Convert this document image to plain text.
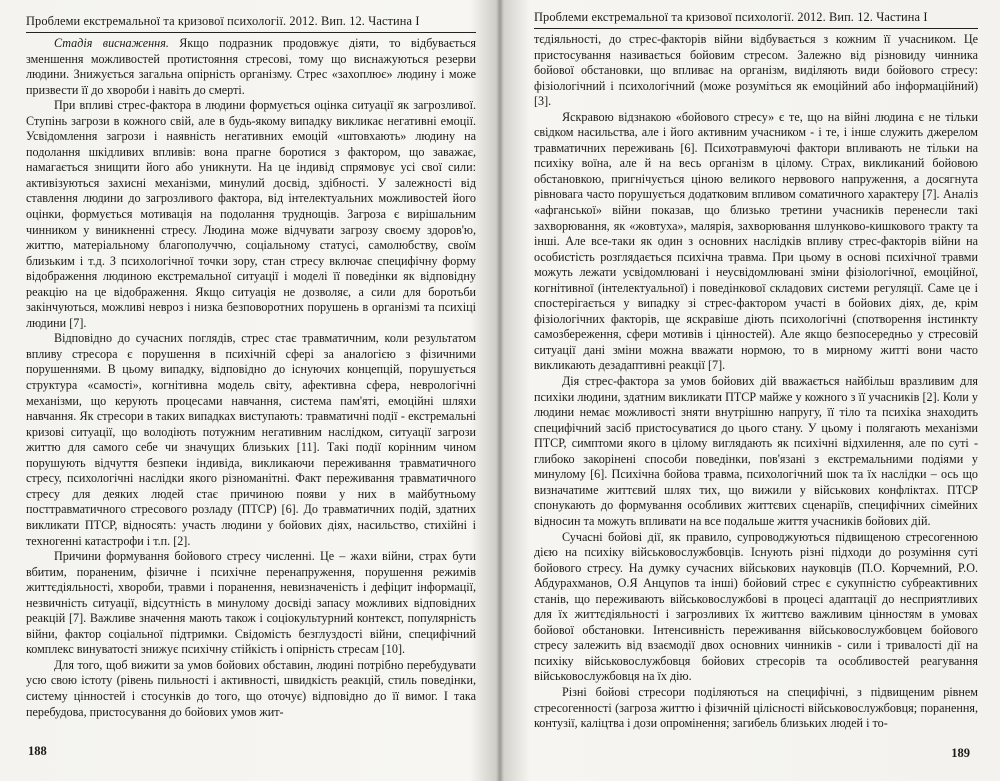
Проблеми екстремальної та кризової психології. 2012. Вип. 12. Частина І

Стадія виснаження. Якщо подразник продовжує діяти, то відбувається зменшення можливостей протистояння стресові, тому що виснажуються резерви людини. Знижується загальна опірність організму. Стрес «захоплює» людину і може призвести її до хвороби і навіть до смерті.

При впливі стрес-фактора в людини формується оцінка ситуації як загрозливої. Ступінь загрози в кожного свій, але в будь-якому випадку викликає негативні емоції. Усвідомлення загрози і наявність негативних емоцій «штовхають» людину на подолання шкідливих впливів: вона прагне боротися з фактором, що заважає, намагається знищити його або уникнути. На це індивід спрямовує усі свої сили: активізуються захисні механізми, минулий досвід, здібності. У залежності від ставлення людини до загрозливого фактора, від інтелектуальних можливостей його оцінки, формується мотивація на подолання труднощів. Загроза є вирішальним чинником у виникненні стресу. Людина може відчувати загрозу своєму здоров'ю, життю, матеріальному благополуччю, соціальному статусі, самолюбству, своїм близьким і т.д. З психологічної точки зору, стан стресу включає специфічну форму відображення людиною екстремальної ситуації і моделі її поведінки як відповідну реакцію на це відображення. Якщо ситуація не дозволяє, а сили для боротьби закінчуються, можливі невроз і низка безповоротних порушень в організмі та психіці людини [7].

Відповідно до сучасних поглядів, стрес стає травматичним, коли результатом впливу стресора є порушення в психічній сфері за аналогією з фізичними порушеннями. В цьому випадку, відповідно до існуючих концепцій, порушується структура «самості», когнітивна модель світу, афективна сфера, неврологічні механізми, що керують процесами навчання, система пам'яті, емоційні шляхи навчання. Як стресори в таких випадках виступають: травматичні події - екстремальні кризові ситуації, що володіють потужним негативним наслідком, ситуації загрози життю для самого себе чи значущих близьких [11]. Такі події корінним чином порушують відчуття безпеки індивіда, викликаючи переживання травматичного стресу, психологічні наслідки якого різноманітні. Факт переживання травматичного стресу для деяких людей стає причиною появи у них в майбутньому посттравматичного стресового розладу (ПТСР) [6]. До травматичних подій, здатних викликати ПТСР, відносять: участь людини у бойових діях, насильство, стихійні і техногенні катастрофи і т.п. [2].

Причини формування бойового стресу численні. Це – жахи війни, страх бути вбитим, пораненим, фізичне і психічне перенапруження, порушення режимів життєдіяльності, хвороби, травми і поранення, невизначеність і дефіцит інформації, незвичність ситуації, відсутність в минулому досвіді запасу можливих відповідних реакцій [7]. Важливе значення мають також і соціокультурний контекст, популярність війни, фактор соціальної підтримки. Свідомість безглуздості війни, специфічний комплекс винуватості знижує психічну стійкість і опірність стресам [10].

Для того, щоб вижити за умов бойових обставин, людині потрібно перебудувати усю свою істоту (рівень пильності і активності, швидкість реакцій, стиль поведінки, систему цінностей і стосунків до того, що оточує) відповідно до її вимог. І така перебудова, пристосування до бойових умов жит-

188
Проблеми екстремальної та кризової психології. 2012. Вип. 12. Частина І

тєдіяльності, до стрес-факторів війни відбувається з кожним її учасником. Це пристосування називається бойовим стресом. Залежно від різновиду чинника бойової обстановки, що впливає на організм, виділяють види бойового стресу: фізіологічний і психологічний (може розуміться як емоційний або інформаційний) [3].

Яскравою відзнакою «бойового стресу» є те, що на війні людина є не тільки свідком насильства, але і його активним учасником - і те, і інше служить джерелом травматичних переживань [6]. Психотравмуючі фактори впливають не тільки на психіку воїна, але й на весь організм в цілому. Страх, викликаний бойовою обстановкою, пригнічується ціною великого нервового напруження, а досягнута рівновага часто порушується додатковим впливом соматичного характеру [7]. Аналіз «афганської» війни показав, що близько третини учасників перенесли такі захворювання, як «жовтуха», малярія, захворювання шлунково-кишкового тракту та інші. Але все-таки як один з основних наслідків впливу стрес-факторів війни на особистість розглядається психічна травма. При цьому в основі психічної травми можуть лежати усвідомлювані і неусвідомлювані зміни фізіологічної, емоційної, когнітивної (інтелектуальної) і поведінкової складових системи регуляції. Саме це і спостерігається у випадку зі стрес-фактором участі в бойових діях, де, крім фізіологічних факторів, ще яскравіше діють психологічні (спотворення інстинкту самозбереження, сфери мотивів і цінностей). Але якщо безпосередньо у стресовій ситуації дані зміни можна вважати нормою, то в мирному житті вони часто викликають дезадаптивні реакції [7].

Дія стрес-фактора за умов бойових дій вважається найбільш вразливим для психіки людини, здатним викликати ПТСР майже у кожного з її учасників [2]. Коли у людини немає можливості зняти внутрішню напругу, її тіло та психіка знаходить специфічний засіб пристосуватися до цього стану. У цьому і полягають механізми ПТСР, симптоми якого в цілому виглядають як психічні відхилення, але по суті - глибоко закорінені способи поведінки, пов'язані з екстремальними подіями у минулому [6]. Психічна бойова травма, психологічний шок та їх наслідки – ось що визначатиме життєвий шлях тих, що вижили у військових конфліктах. ПТСР спонукають до формування особливих життєвих сценаріїв, специфічних сімейних відносин та можуть впливати на все подальше життя учасників бойових дій.

Сучасні бойові дії, як правило, супроводжуються підвищеною стресогенною дією на психіку військовослужбовців. Існують різні підходи до розуміння суті бойового стресу. На думку сучасних військових науковців (П.О. Корчемний, Р.О. Абдурахманов, О.Я Анцупов та інші) бойовий стрес є сукупністю субреактивних станів, що переживають військовослужбові в процесі адаптації до несприятливих для їх життєдіяльності і загрозливих їх життєво важливим цінностям в умовах бойової обстановки. Інтенсивність переживання військовослужбовцем бойового стресу залежить від взаємодії двох основних чинників - сили і тривалості дії на психіку військовослужбовця бойових стресорів та особливостей реагування військовослужбовця на їх дію.

Різні бойові стресори поділяються на специфічні, з підвищеним рівнем стресогенності (загроза життю і фізичній цілісності військовослужбовця; поранення, контузії, каліцтва і дози опромінення; загибель близьких людей і то-

189
